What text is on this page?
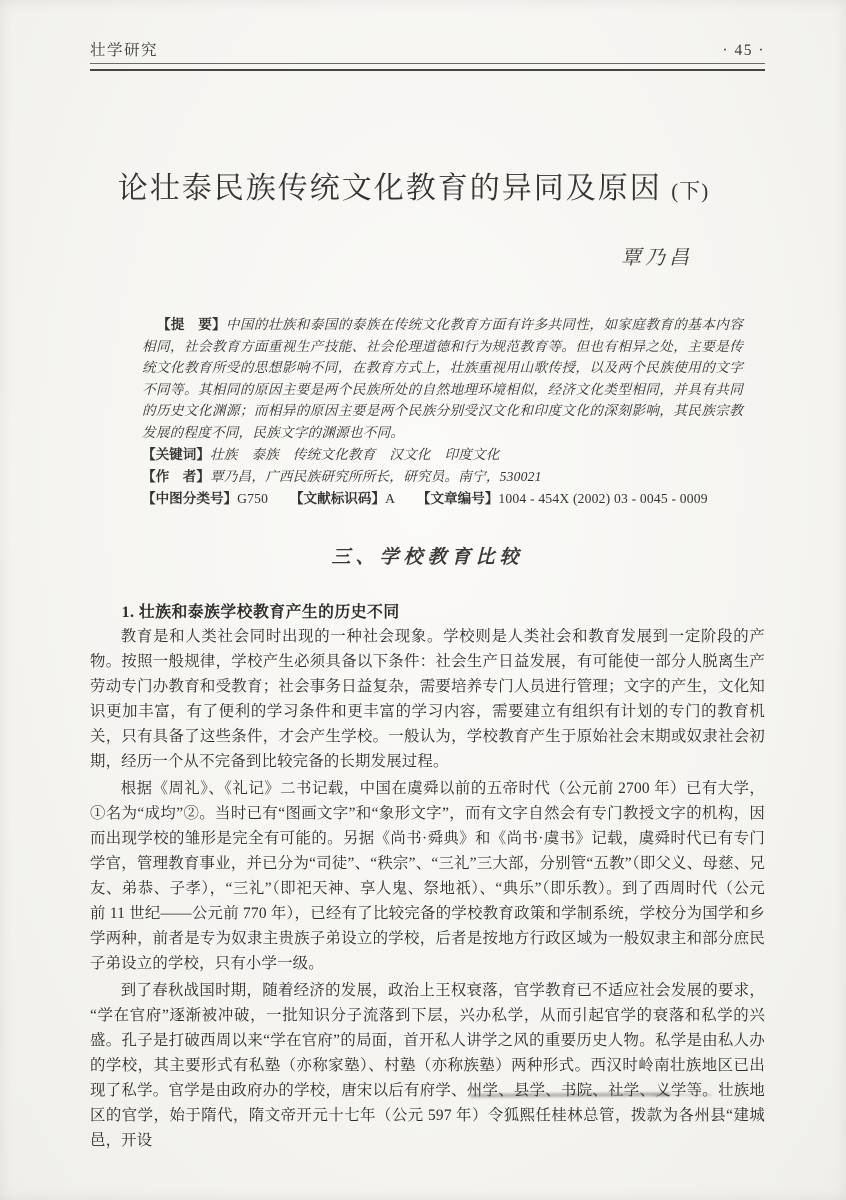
壮学研究	· 45 ·
论壮泰民族传统文化教育的异同及原因 (下)
覃乃昌

【提　要】中国的壮族和泰国的泰族在传统文化教育方面有许多共同性，如家庭教育的基本内容相同，社会教育方面重视生产技能、社会伦理道德和行为规范教育等。但也有相异之处，主要是传统文化教育所受的思想影响不同，在教育方式上，壮族重视用山歌传授，以及两个民族使用的文字不同等。其相同的原因主要是两个民族所处的自然地理环境相似，经济文化类型相同，并具有共同的历史文化渊源；而相异的原因主要是两个民族分别受汉文化和印度文化的深刻影响，其民族宗教发展的程度不同，民族文字的渊源也不同。

【关键词】壮族　泰族　传统文化教育　汉文化　印度文化

【作　者】覃乃昌，广西民族研究所所长，研究员。南宁，530021

【中图分类号】G750 【文献标识码】A 【文章编号】1004 - 454X (2002) 03 - 0045 - 0009

三、学校教育比较
1. 壮族和泰族学校教育产生的历史不同

教育是和人类社会同时出现的一种社会现象。学校则是人类社会和教育发展到一定阶段的产物。按照一般规律，学校产生必须具备以下条件：社会生产日益发展，有可能使一部分人脱离生产劳动专门办教育和受教育；社会事务日益复杂，需要培养专门人员进行管理；文字的产生，文化知识更加丰富，有了便利的学习条件和更丰富的学习内容，需要建立有组织有计划的专门的教育机关，只有具备了这些条件，才会产生学校。一般认为，学校教育产生于原始社会末期或奴隶社会初期，经历一个从不完备到比较完备的长期发展过程。

根据《周礼》、《礼记》二书记载，中国在虞舜以前的五帝时代（公元前 2700 年）已有大学，①名为“成均”②。当时已有“图画文字”和“象形文字”，而有文字自然会有专门教授文字的机构，因而出现学校的雏形是完全有可能的。另据《尚书·舜典》和《尚书·虞书》记载，虞舜时代已有专门学官，管理教育事业，并已分为“司徒”、“秩宗”、“三礼”三大部，分别管“五教”（即父义、母慈、兄友、弟恭、子孝），“三礼”（即祀天神、享人鬼、祭地祇）、“典乐”（即乐教）。到了西周时代（公元前 11 世纪——公元前 770 年），已经有了比较完备的学校教育政策和学制系统，学校分为国学和乡学两种，前者是专为奴隶主贵族子弟设立的学校，后者是按地方行政区域为一般奴隶主和部分庶民子弟设立的学校，只有小学一级。

到了春秋战国时期，随着经济的发展，政治上王权衰落，官学教育已不适应社会发展的要求，“学在官府”逐渐被冲破，一批知识分子流落到下层，兴办私学，从而引起官学的衰落和私学的兴盛。孔子是打破西周以来“学在官府”的局面，首开私人讲学之风的重要历史人物。私学是由私人办的学校，其主要形式有私塾（亦称家塾）、村塾（亦称族塾）两种形式。西汉时岭南壮族地区已出现了私学。官学是由政府办的学校，唐宋以后有府学、州学、县学、书院、社学、义学等。壮族地区的官学，始于隋代，隋文帝开元十七年（公元 597 年）令狐熙任桂林总管，拨款为各州县“建城邑，开设
